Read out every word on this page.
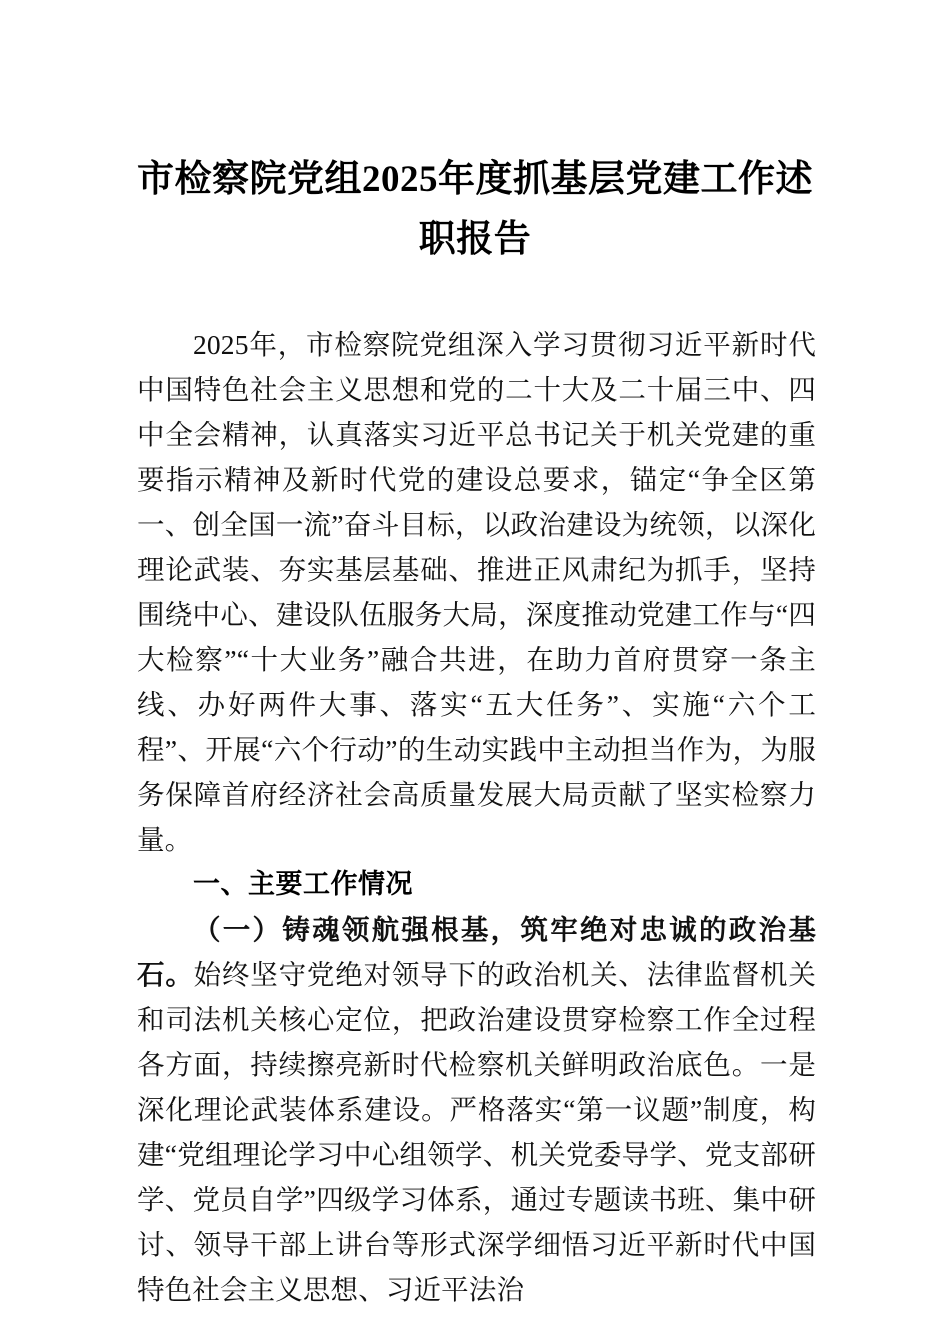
市检察院党组2025年度抓基层党建工作述
职报告

2025年，市检察院党组深入学习贯彻习近平新时代中国特色社会主义思想和党的二十大及二十届三中、四中全会精神，认真落实习近平总书记关于机关党建的重要指示精神及新时代党的建设总要求，锚定“争全区第一、创全国一流”奋斗目标，以政治建设为统领，以深化理论武装、夯实基层基础、推进正风肃纪为抓手，坚持围绕中心、建设队伍服务大局，深度推动党建工作与“四大检察”“十大业务”融合共进，在助力首府贯穿一条主线、办好两件大事、落实“五大任务”、实施“六个工程”、开展“六个行动”的生动实践中主动担当作为，为服务保障首府经济社会高质量发展大局贡献了坚实检察力量。

一、主要工作情况

（一）铸魂领航强根基，筑牢绝对忠诚的政治基石。始终坚守党绝对领导下的政治机关、法律监督机关和司法机关核心定位，把政治建设贯穿检察工作全过程各方面，持续擦亮新时代检察机关鲜明政治底色。一是深化理论武装体系建设。严格落实“第一议题”制度，构建“党组理论学习中心组领学、机关党委导学、党支部研学、党员自学”四级学习体系，通过专题读书班、集中研讨、领导干部上讲台等形式深学细悟习近平新时代中国特色社会主义思想、习近平法治
